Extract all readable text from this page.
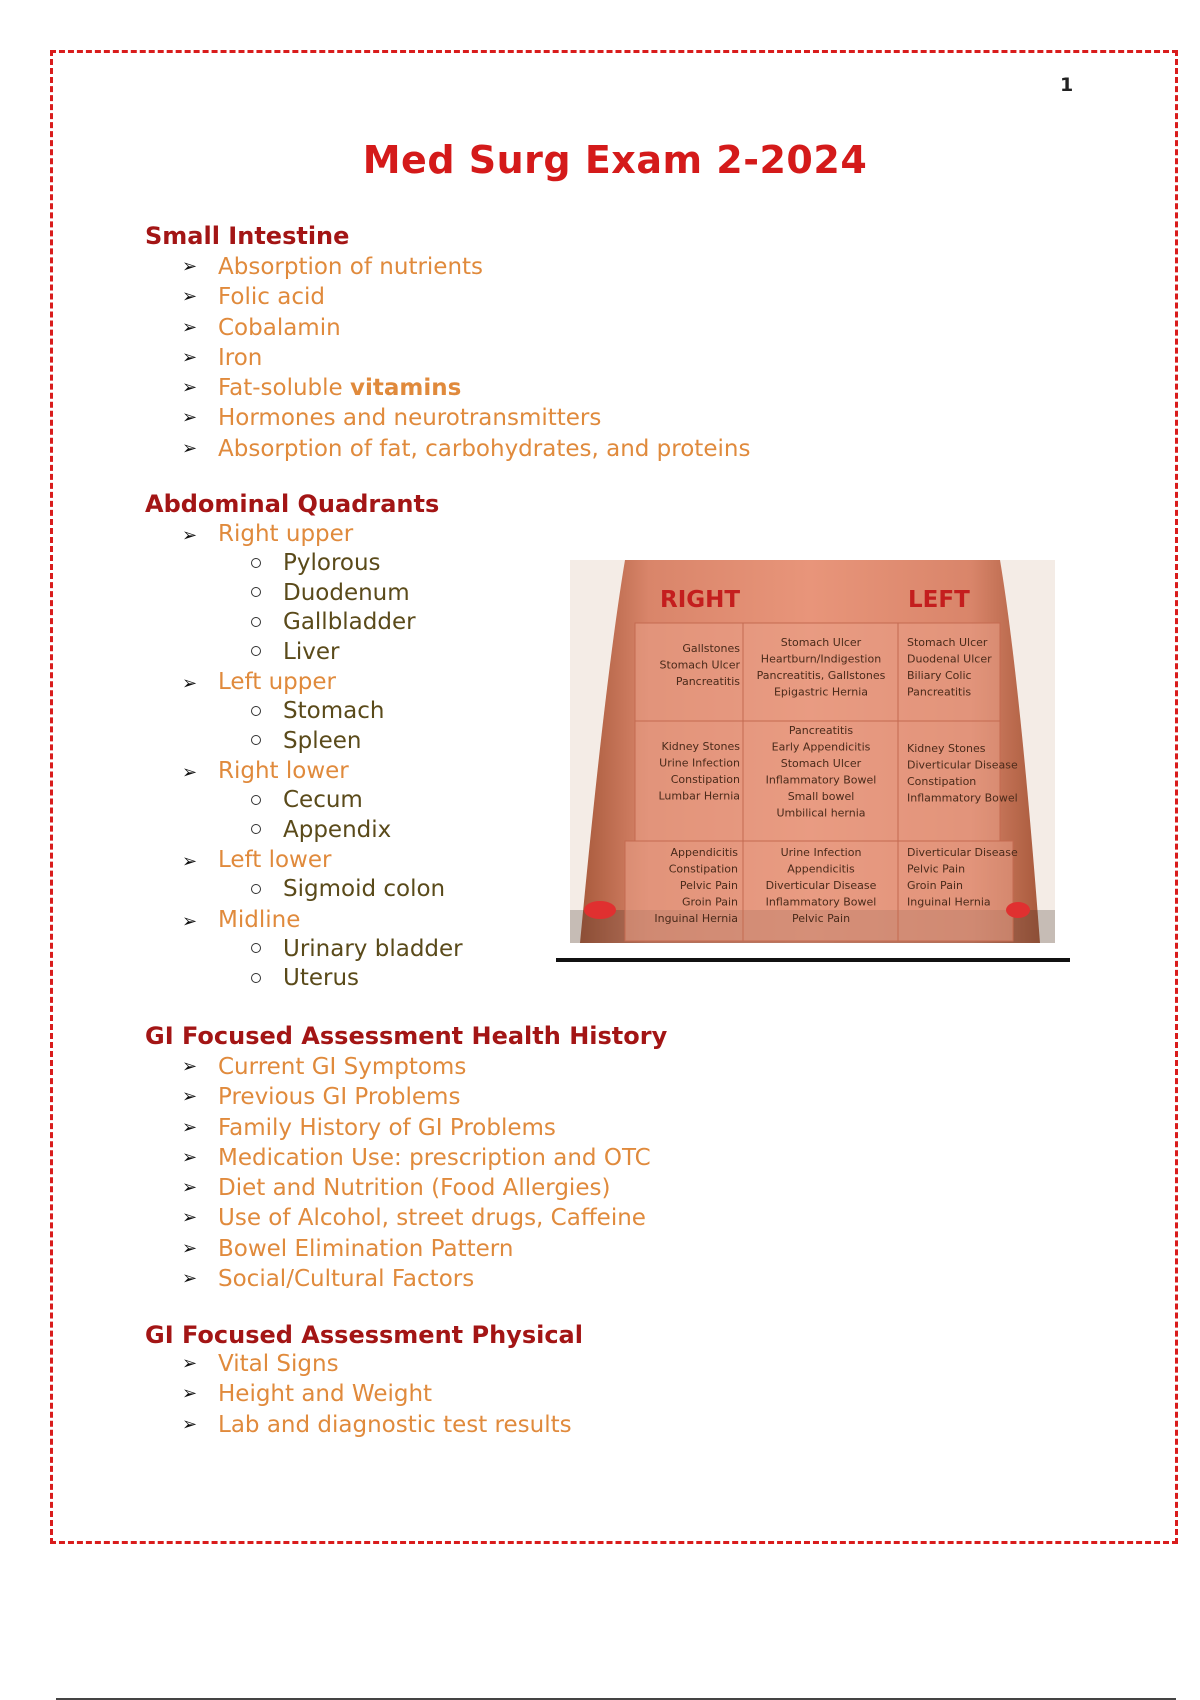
1
Med Surg Exam 2-2024
Small Intestine
➢ Absorption of nutrients
➢ Folic acid
➢ Cobalamin
➢ Iron
➢ Fat-soluble vitamins
➢ Hormones and neurotransmitters
➢ Absorption of fat, carbohydrates, and proteins
Abdominal Quadrants
➢ Right upper
Pylorous
Duodenum
Gallbladder
Liver
➢ Left upper
Stomach
Spleen
➢ Right lower
Cecum
Appendix
➢ Left lower
Sigmoid colon
➢ Midline
Urinary bladder
Uterus
RIGHT	LEFT
Gallstones
Stomach Ulcer
Pancreatitis
Stomach Ulcer
Heartburn/Indigestion
Pancreatitis, Gallstones
Epigastric Hernia
Stomach Ulcer
Duodenal Ulcer
Biliary Colic
Pancreatitis
Kidney Stones
Urine Infection
Constipation
Lumbar Hernia
Pancreatitis
Early Appendicitis
Stomach Ulcer
Inflammatory Bowel
Small bowel
Umbilical hernia
Kidney Stones
Diverticular Disease
Constipation
Inflammatory Bowel
Appendicitis
Constipation
Pelvic Pain
Groin Pain
Inguinal Hernia
Urine Infection
Appendicitis
Diverticular Disease
Inflammatory Bowel
Pelvic Pain
Diverticular Disease
Pelvic Pain
Groin Pain
Inguinal Hernia
GI Focused Assessment Health History
➢ Current GI Symptoms
➢ Previous GI Problems
➢ Family History of GI Problems
➢ Medication Use: prescription and OTC
➢ Diet and Nutrition (Food Allergies)
➢ Use of Alcohol, street drugs, Caffeine
➢ Bowel Elimination Pattern
➢ Social/Cultural Factors
GI Focused Assessment Physical
➢ Vital Signs
➢ Height and Weight
➢ Lab and diagnostic test results
